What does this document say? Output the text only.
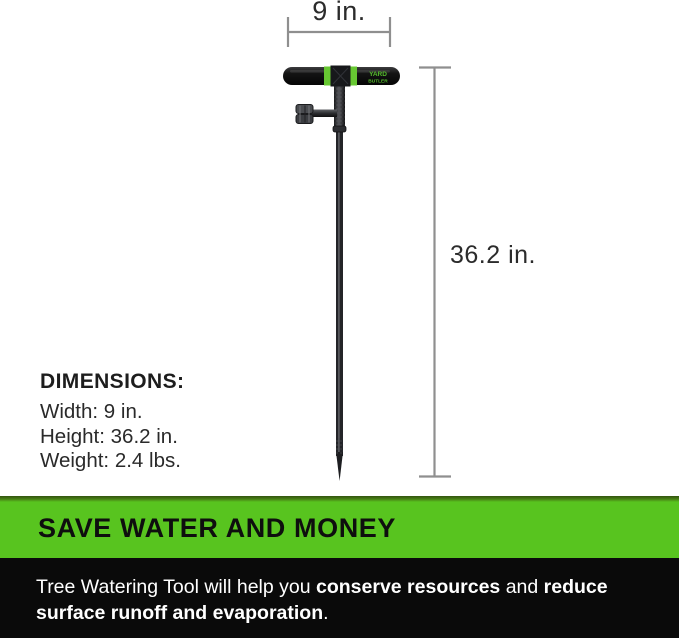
YARD
BUTLER
9 in.
36.2 in.
DIMENSIONS:
Width: 9 in.
Height: 36.2 in.
Weight: 2.4 lbs.
SAVE WATER AND MONEY
Tree Watering Tool will help you conserve resources and reduce
surface runoff and evaporation.
